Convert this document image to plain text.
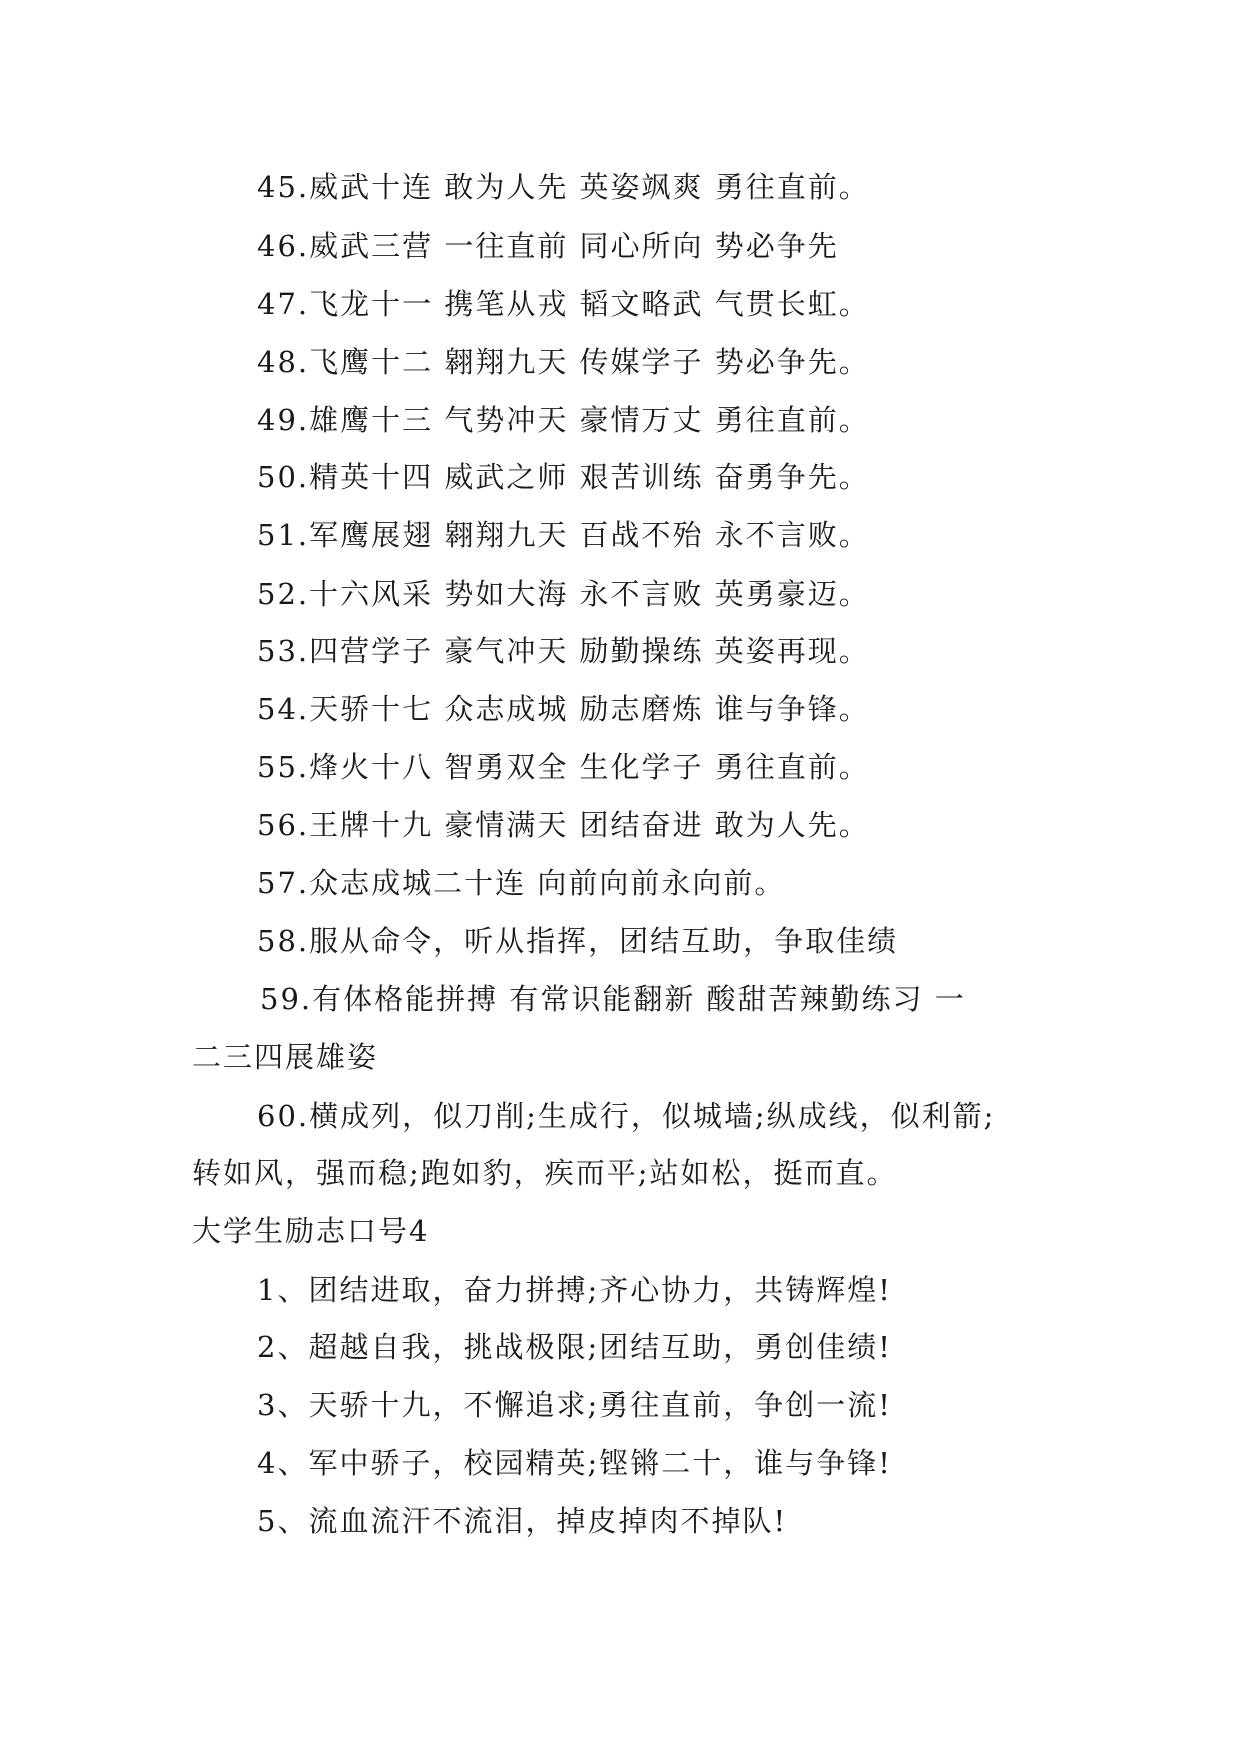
45.威武十连 敢为人先 英姿飒爽 勇往直前。
46.威武三营 一往直前 同心所向 势必争先
47.飞龙十一 携笔从戎 韬文略武 气贯长虹。
48.飞鹰十二 翱翔九天 传媒学子 势必争先。
49.雄鹰十三 气势冲天 豪情万丈 勇往直前。
50.精英十四 威武之师 艰苦训练 奋勇争先。
51.军鹰展翅 翱翔九天 百战不殆 永不言败。
52.十六风采 势如大海 永不言败 英勇豪迈。
53.四营学子 豪气冲天 励勤操练 英姿再现。
54.天骄十七 众志成城 励志磨炼 谁与争锋。
55.烽火十八 智勇双全 生化学子 勇往直前。
56.王牌十九 豪情满天 团结奋进 敢为人先。
57.众志成城二十连 向前向前永向前。
58.服从命令，听从指挥，团结互助，争取佳绩
59.有体格能拼搏 有常识能翻新 酸甜苦辣勤练习 一
二三四展雄姿
60.横成列，似刀削;生成行，似城墙;纵成线，似利箭;
转如风，强而稳;跑如豹，疾而平;站如松，挺而直。
大学生励志口号4
1、团结进取，奋力拼搏;齐心协力，共铸辉煌!
2、超越自我，挑战极限;团结互助，勇创佳绩!
3、天骄十九，不懈追求;勇往直前，争创一流!
4、军中骄子，校园精英;铿锵二十，谁与争锋!
5、流血流汗不流泪，掉皮掉肉不掉队!
